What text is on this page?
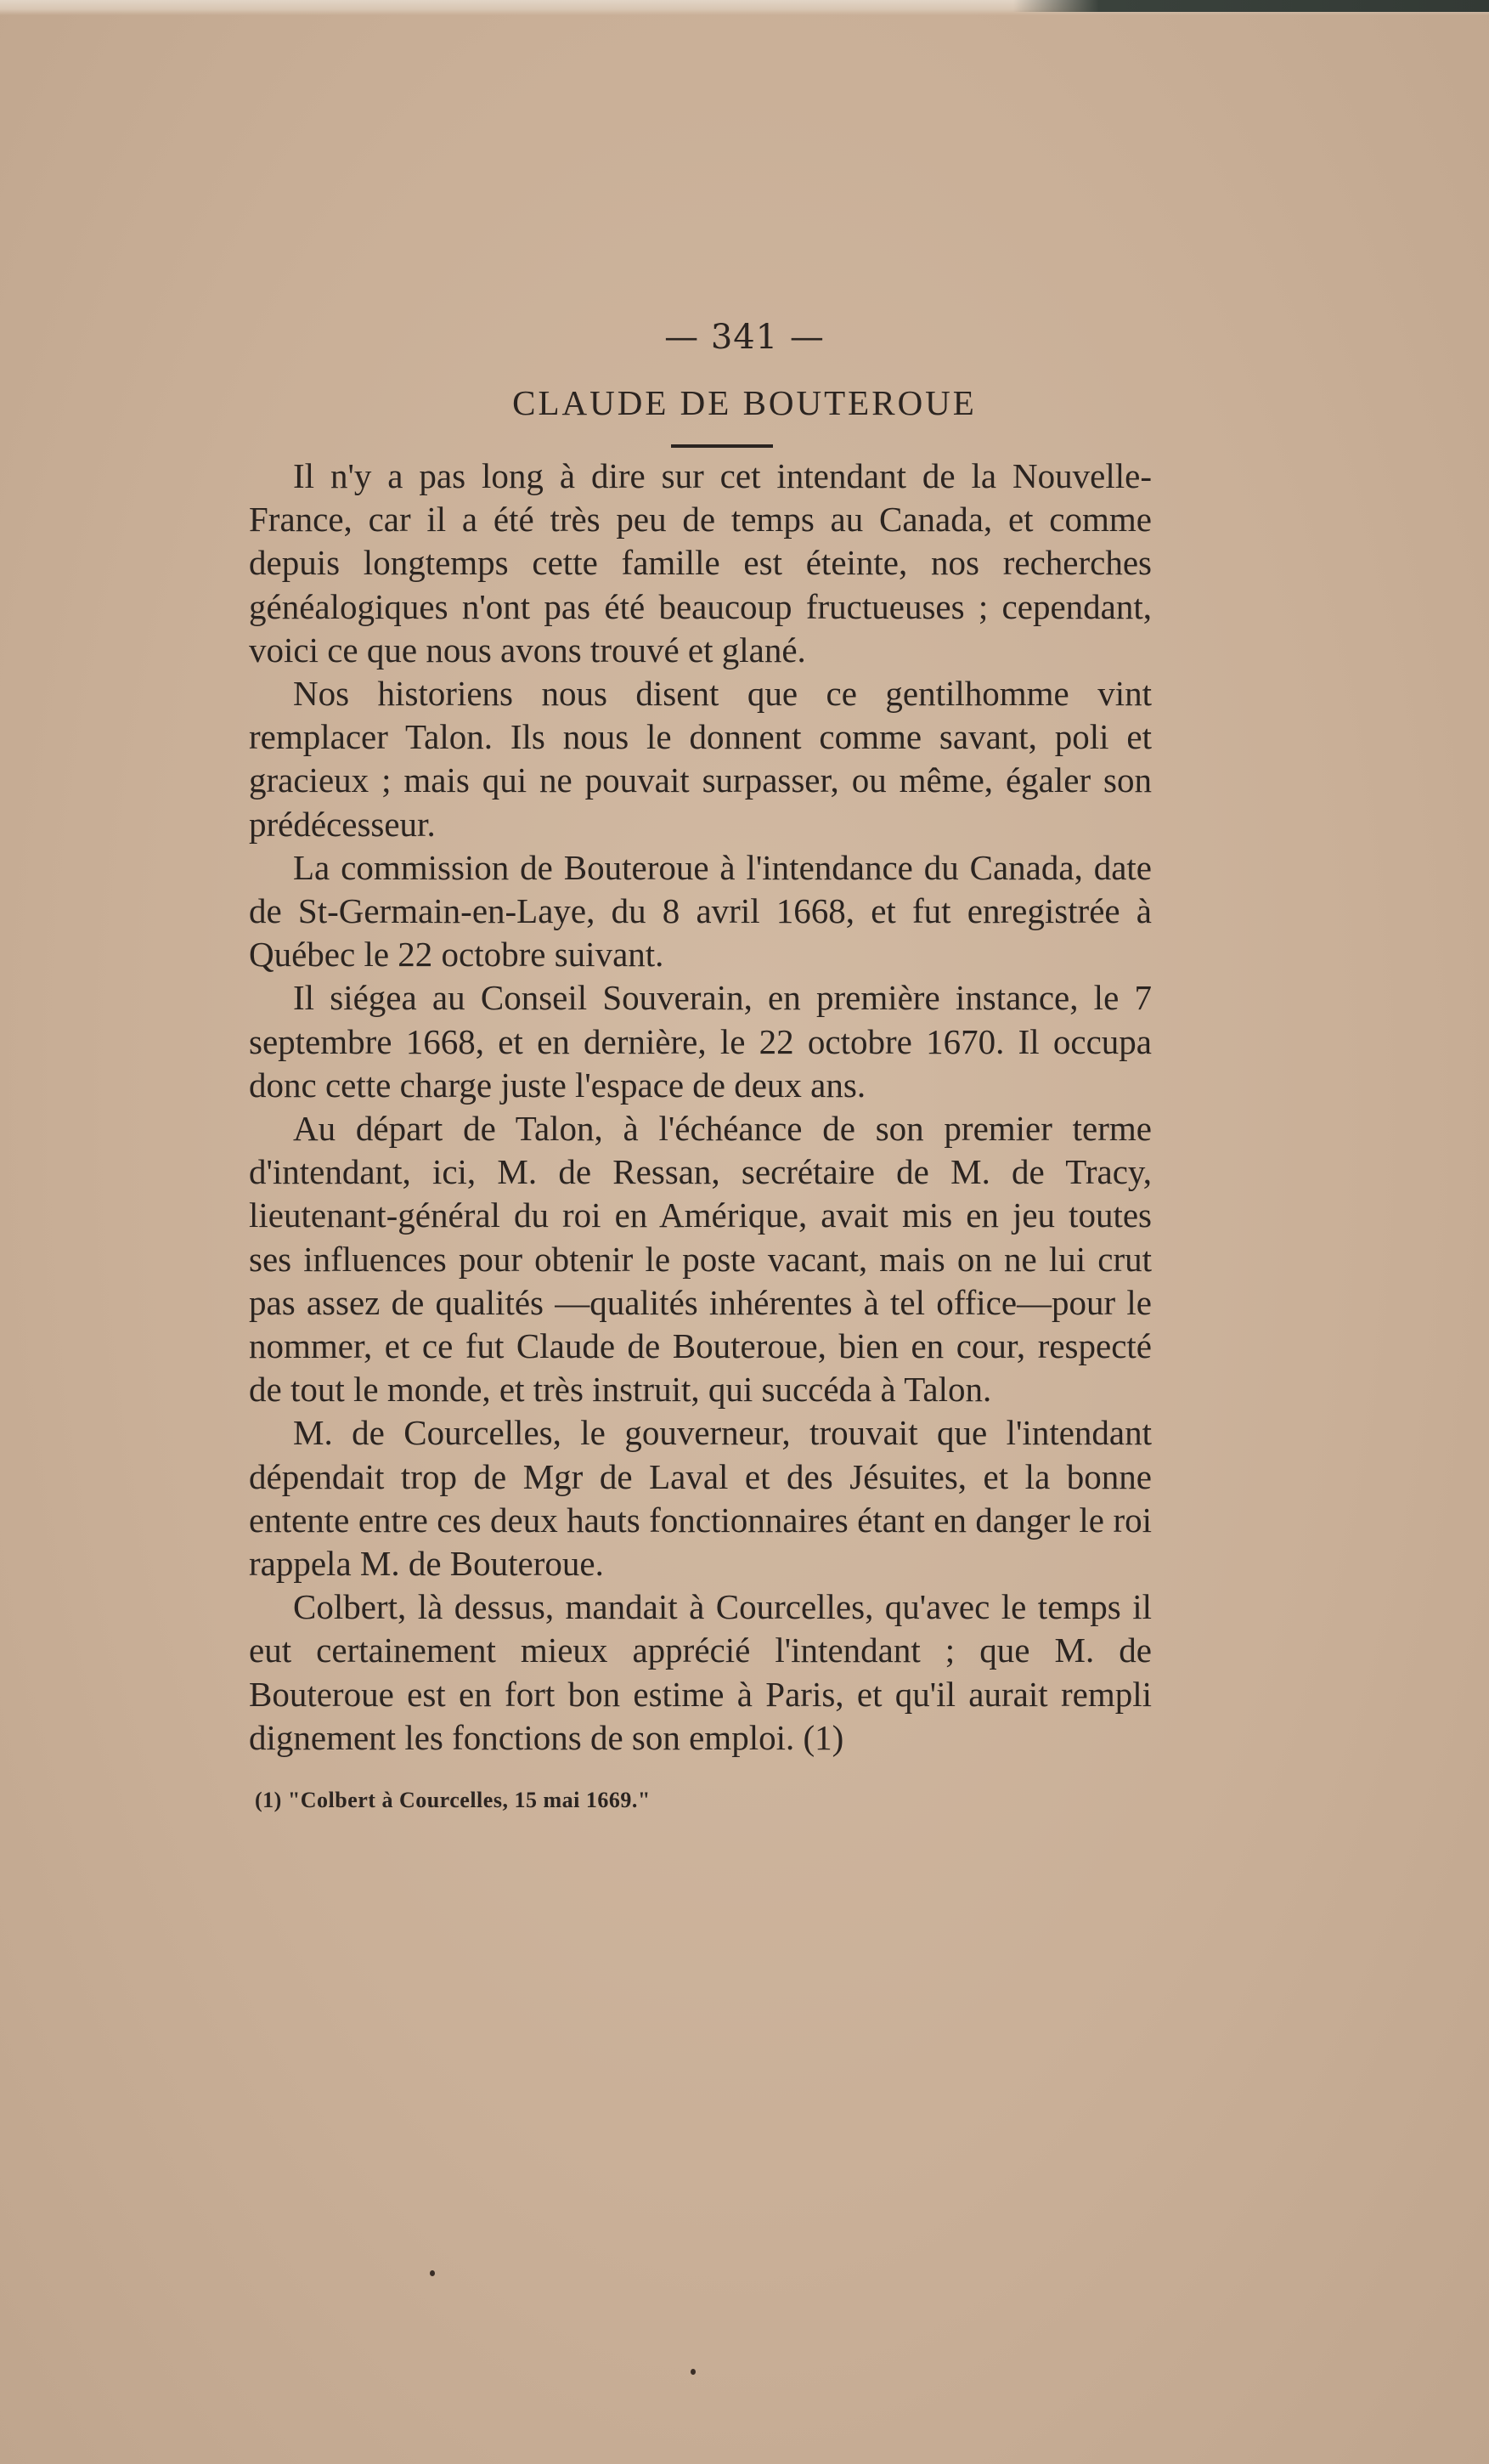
— 341 —
CLAUDE DE BOUTEROUE

Il n'y a pas long à dire sur cet intendant de la Nouvelle-France, car il a été très peu de temps au Canada, et comme depuis longtemps cette famille est éteinte, nos recherches généalogiques n'ont pas été beaucoup fructueuses ; cependant, voici ce que nous avons trouvé et glané.

Nos historiens nous disent que ce gentilhomme vint remplacer Talon. Ils nous le donnent comme savant, poli et gracieux ; mais qui ne pouvait surpasser, ou même, égaler son prédécesseur.

La commission de Bouteroue à l'intendance du Canada, date de St-Germain-en-Laye, du 8 avril 1668, et fut enregistrée à Québec le 22 octobre suivant.

Il siégea au Conseil Souverain, en première instance, le 7 septembre 1668, et en dernière, le 22 octobre 1670. Il occupa donc cette charge juste l'espace de deux ans.

Au départ de Talon, à l'échéance de son premier terme d'intendant, ici, M. de Ressan, secrétaire de M. de Tracy, lieutenant-général du roi en Amérique, avait mis en jeu toutes ses influences pour obtenir le poste vacant, mais on ne lui crut pas assez de qualités —qualités inhérentes à tel office—pour le nommer, et ce fut Claude de Bouteroue, bien en cour, respecté de tout le monde, et très instruit, qui succéda à Talon.

M. de Courcelles, le gouverneur, trouvait que l'intendant dépendait trop de Mgr de Laval et des Jésuites, et la bonne entente entre ces deux hauts fonctionnaires étant en danger le roi rappela M. de Bouteroue.

Colbert, là dessus, mandait à Courcelles, qu'avec le temps il eut certainement mieux apprécié l'intendant ; que M. de Bouteroue est en fort bon estime à Paris, et qu'il aurait rempli dignement les fonctions de son emploi. (1)

(1) "Colbert à Courcelles, 15 mai 1669."
